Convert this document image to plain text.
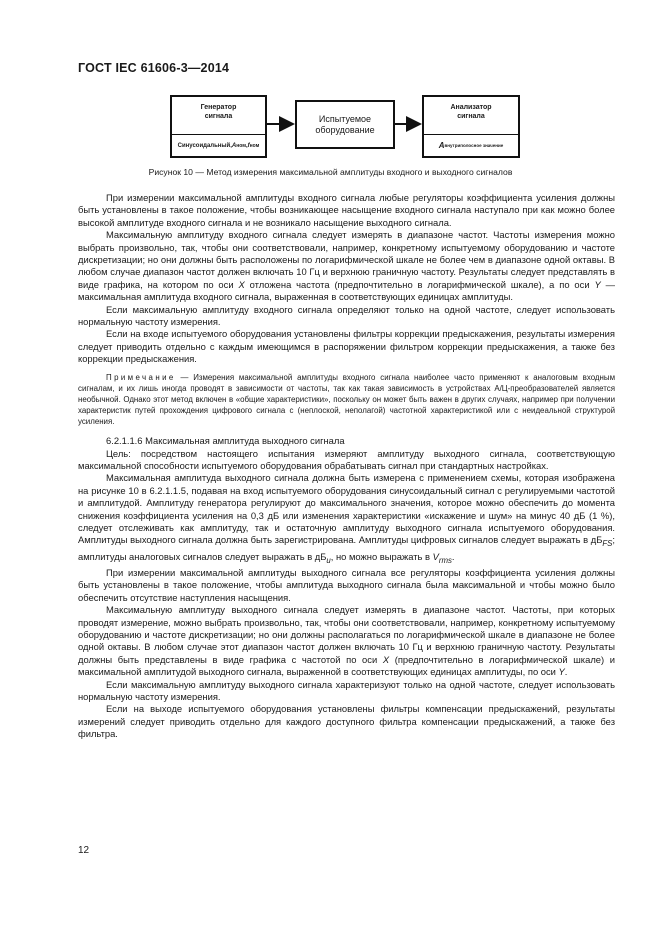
ГОСТ IEC 61606-3—2014
Генератор
сигнала
Синусоидальный, A ном , f ном
Испытуемое
оборудование
Анализатор
сигнала
A внутриполосное значение
Рисунок 10 — Метод измерения максимальной амплитуды входного и выходного сигналов

При измерении максимальной амплитуды входного сигнала любые регуляторы коэффициента усиления должны быть установлены в такое положение, чтобы возникающее насыщение входного сигнала наступало при как можно более высокой амплитуде входного сигнала и не возникало насыщение выходного сигнала.

Максимальную амплитуду входного сигнала следует измерять в диапазоне частот. Частоты измерения можно выбрать произвольно, так, чтобы они соответствовали, например, конкретному испытуемому оборудованию и частоте дискретизации; но они должны быть расположены по логарифмической шкале не более чем в диапазоне одной октавы. В любом случае диапазон частот должен включать 10 Гц и верхнюю граничную частоту. Результаты следует представлять в виде графика, на котором по оси X отложена частота (предпочтительно в логарифмической шкале), а по оси Y — максимальная амплитуда входного сигнала, выраженная в соответствующих единицах амплитуды.

Если максимальную амплитуду входного сигнала определяют только на одной частоте, следует использовать нормальную частоту измерения.

Если на входе испытуемого оборудования установлены фильтры коррекции предыскажения, результаты измерения следует приводить отдельно с каждым имеющимся в распоряжении фильтром коррекции предыскажения, а также без коррекции предыскажения.

Примечание — Измерения максимальной амплитуды входного сигнала наиболее часто применяют к аналоговым входным сигналам, и их лишь иногда проводят в зависимости от частоты, так как такая зависимость в устройствах А/Ц-преобразователей является необычной. Однако этот метод включен в «общие характеристики», поскольку он может быть важен в других случаях, например при получении характеристик путей прохождения цифрового сигнала с (неплоской, неполагой) частотной характеристикой или с неидеальной структурой усиления.

6.2.1.1.6 Максимальная амплитуда выходного сигнала

Цель: посредством настоящего испытания измеряют амплитуду выходного сигнала, соответствующую максимальной способности испытуемого оборудования обрабатывать сигнал при стандартных настройках.

Максимальная амплитуда выходного сигнала должна быть измерена с применением схемы, которая изображена на рисунке 10 в 6.2.1.1.5, подавая на вход испытуемого оборудования синусоидальный сигнал с регулируемыми частотой и амплитудой. Амплитуду генератора регулируют до максимального значения, которое можно обеспечить до момента снижения коэффициента усиления на 0,3 дБ или изменения характеристики «искажение и шум» на минус 40 дБ (1 %), следует отслеживать как амплитуду, так и остаточную амплитуду выходного сигнала испытуемого оборудования. Амплитуды выходного сигнала должна быть зарегистрирована. Амплитуды цифровых сигналов следует выражать в $дБ_{FS}$; амплитуды аналоговых сигналов следует выражать в $дБ_u$, но можно выражать в $V_{rms}$.

При измерении максимальной амплитуды выходного сигнала все регуляторы коэффициента усиления должны быть установлены в такое положение, чтобы амплитуда выходного сигнала была максимальной и чтобы можно было обеспечить отсутствие наступления насыщения.

Максимальную амплитуду выходного сигнала следует измерять в диапазоне частот. Частоты, при которых проводят измерение, можно выбрать произвольно, так, чтобы они соответствовали, например, конкретному испытуемому оборудованию и частоте дискретизации; но они должны располагаться по логарифмической шкале в диапазоне не более одной октавы. В любом случае этот диапазон частот должен включать 10 Гц и верхнюю граничную частоту. Результаты должны быть представлены в виде графика с частотой по оси X (предпочтительно в логарифмической шкале) и максимальной амплитудой выходного сигнала, выраженной в соответствующих единицах амплитуды, по оси Y.

Если максимальную амплитуду выходного сигнала характеризуют только на одной частоте, следует использовать нормальную частоту измерения.

Если на выходе испытуемого оборудования установлены фильтры компенсации предыскажений, результаты измерений следует приводить отдельно для каждого доступного фильтра компенсации предыскажений, а также без фильтра.

12
